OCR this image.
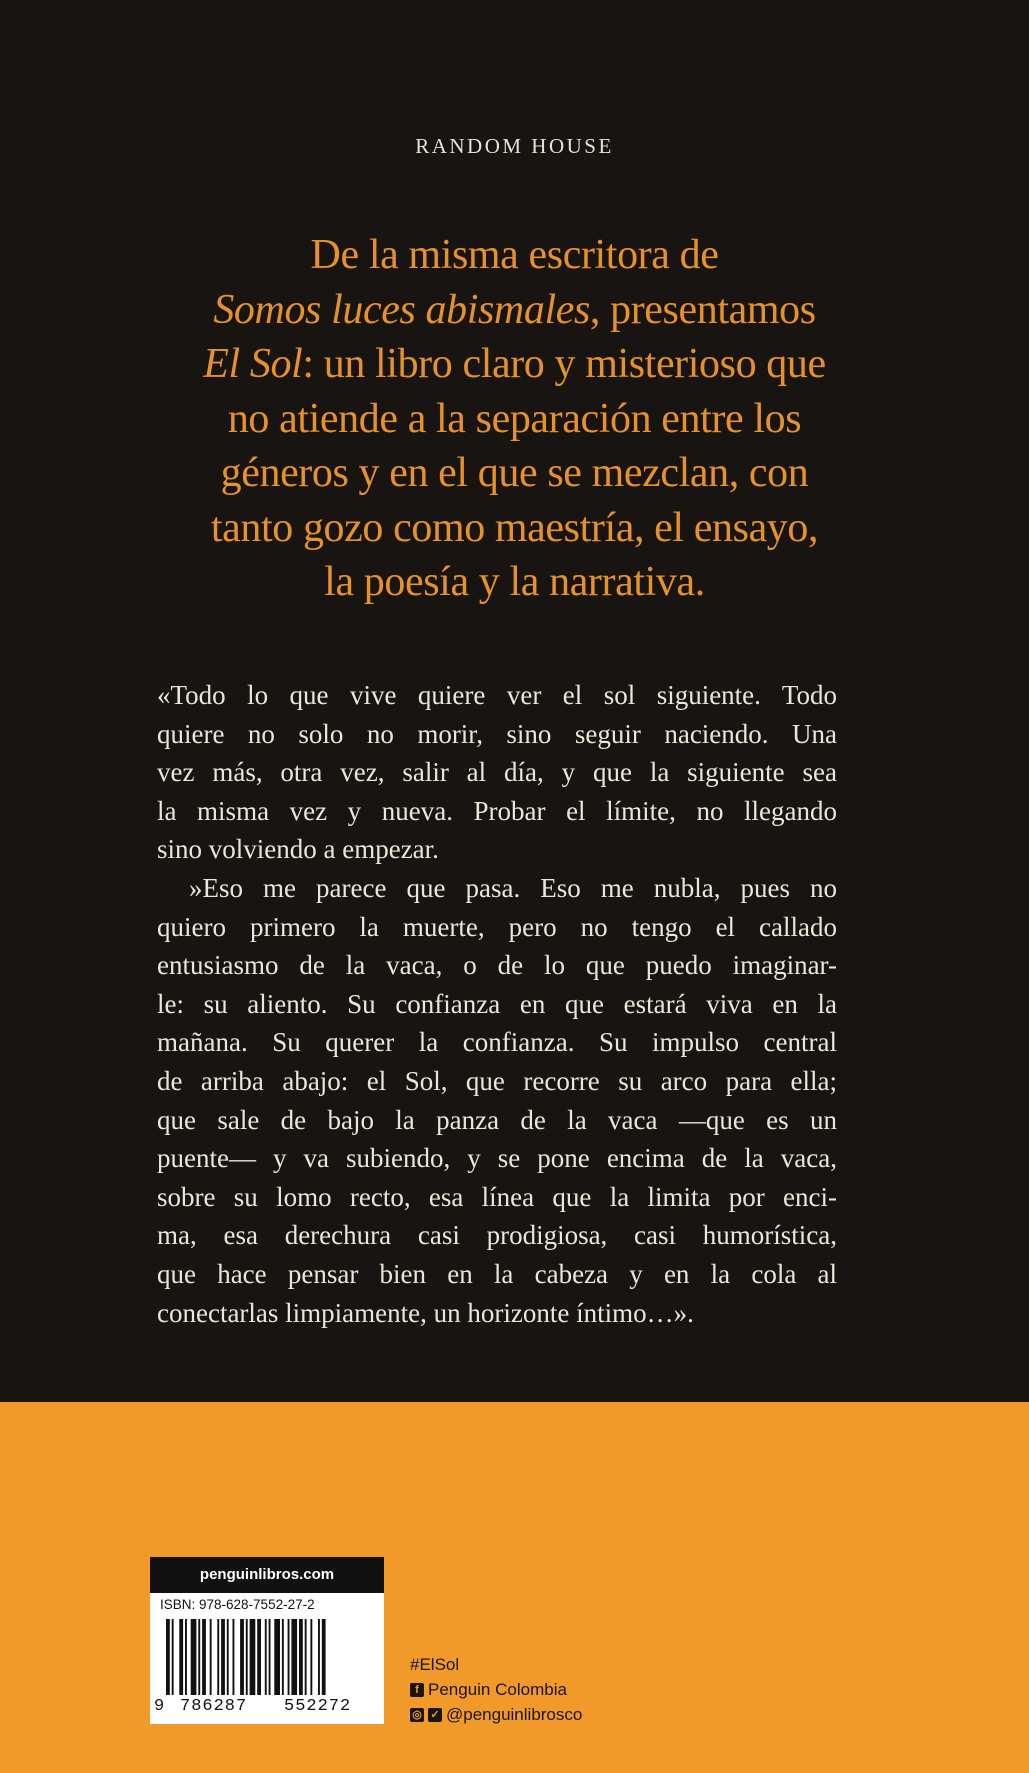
RANDOM HOUSE
De la misma escritora de
Somos luces abismales, presentamos
El Sol: un libro claro y misterioso que
no atiende a la separación entre los
géneros y en el que se mezclan, con
tanto gozo como maestría, el ensayo,
la poesía y la narrativa.
«Todo lo que vive quiere ver el sol siguiente. Todo
quiere no solo no morir, sino seguir naciendo. Una
vez más, otra vez, salir al día, y que la siguiente sea
la misma vez y nueva. Probar el límite, no llegando
sino volviendo a empezar.
»Eso me parece que pasa. Eso me nubla, pues no
quiero primero la muerte, pero no tengo el callado
entusiasmo de la vaca, o de lo que puedo imaginar-
le: su aliento. Su confianza en que estará viva en la
mañana. Su querer la confianza. Su impulso central
de arriba abajo: el Sol, que recorre su arco para ella;
que sale de bajo la panza de la vaca —que es un
puente— y va subiendo, y se pone encima de la vaca,
sobre su lomo recto, esa línea que la limita por enci-
ma, esa derechura casi prodigiosa, casi humorística,
que hace pensar bien en la cabeza y en la cola al
conectarlas limpiamente, un horizonte íntimo…».
penguinlibros.com
ISBN: 978-628-7552-27-2
9 786287 552272
#ElSol
f Penguin Colombia
◎ ✓ @penguinlibrosco
